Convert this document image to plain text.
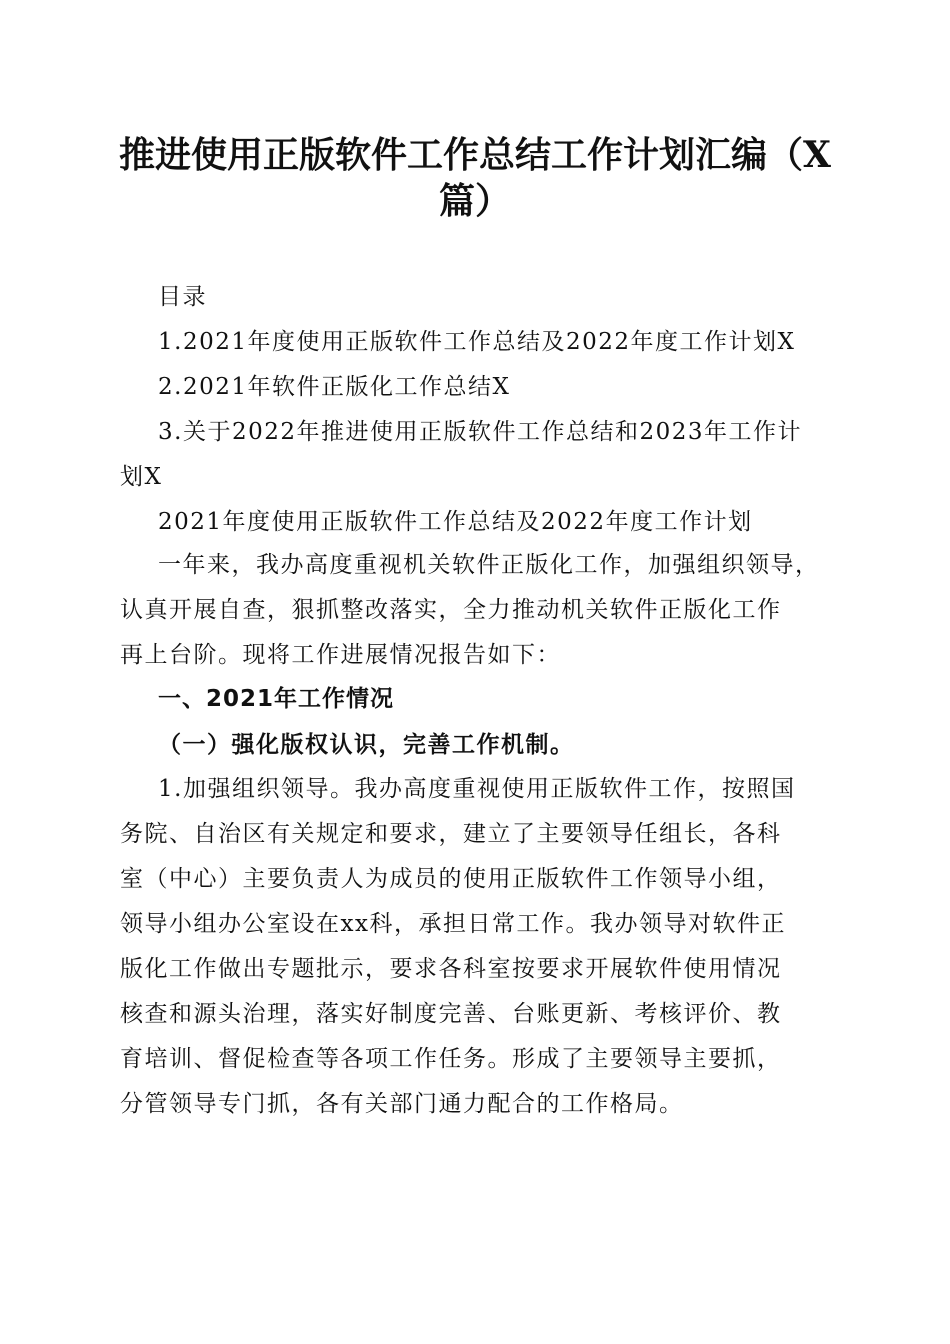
推进使用正版软件工作总结工作计划汇编（X
篇）
目录
1.2021年度使用正版软件工作总结及2022年度工作计划X
2.2021年软件正版化工作总结X
3.关于2022年推进使用正版软件工作总结和2023年工作计
划X
2021年度使用正版软件工作总结及2022年度工作计划
一年来，我办高度重视机关软件正版化工作，加强组织领导，
认真开展自查，狠抓整改落实，全力推动机关软件正版化工作
再上台阶。现将工作进展情况报告如下：
一、2021年工作情况
（一）强化版权认识，完善工作机制。
1.加强组织领导。我办高度重视使用正版软件工作，按照国
务院、自治区有关规定和要求，建立了主要领导任组长，各科
室（中心）主要负责人为成员的使用正版软件工作领导小组，
领导小组办公室设在xx科，承担日常工作。我办领导对软件正
版化工作做出专题批示，要求各科室按要求开展软件使用情况
核查和源头治理，落实好制度完善、台账更新、考核评价、教
育培训、督促检查等各项工作任务。形成了主要领导主要抓，
分管领导专门抓，各有关部门通力配合的工作格局。
